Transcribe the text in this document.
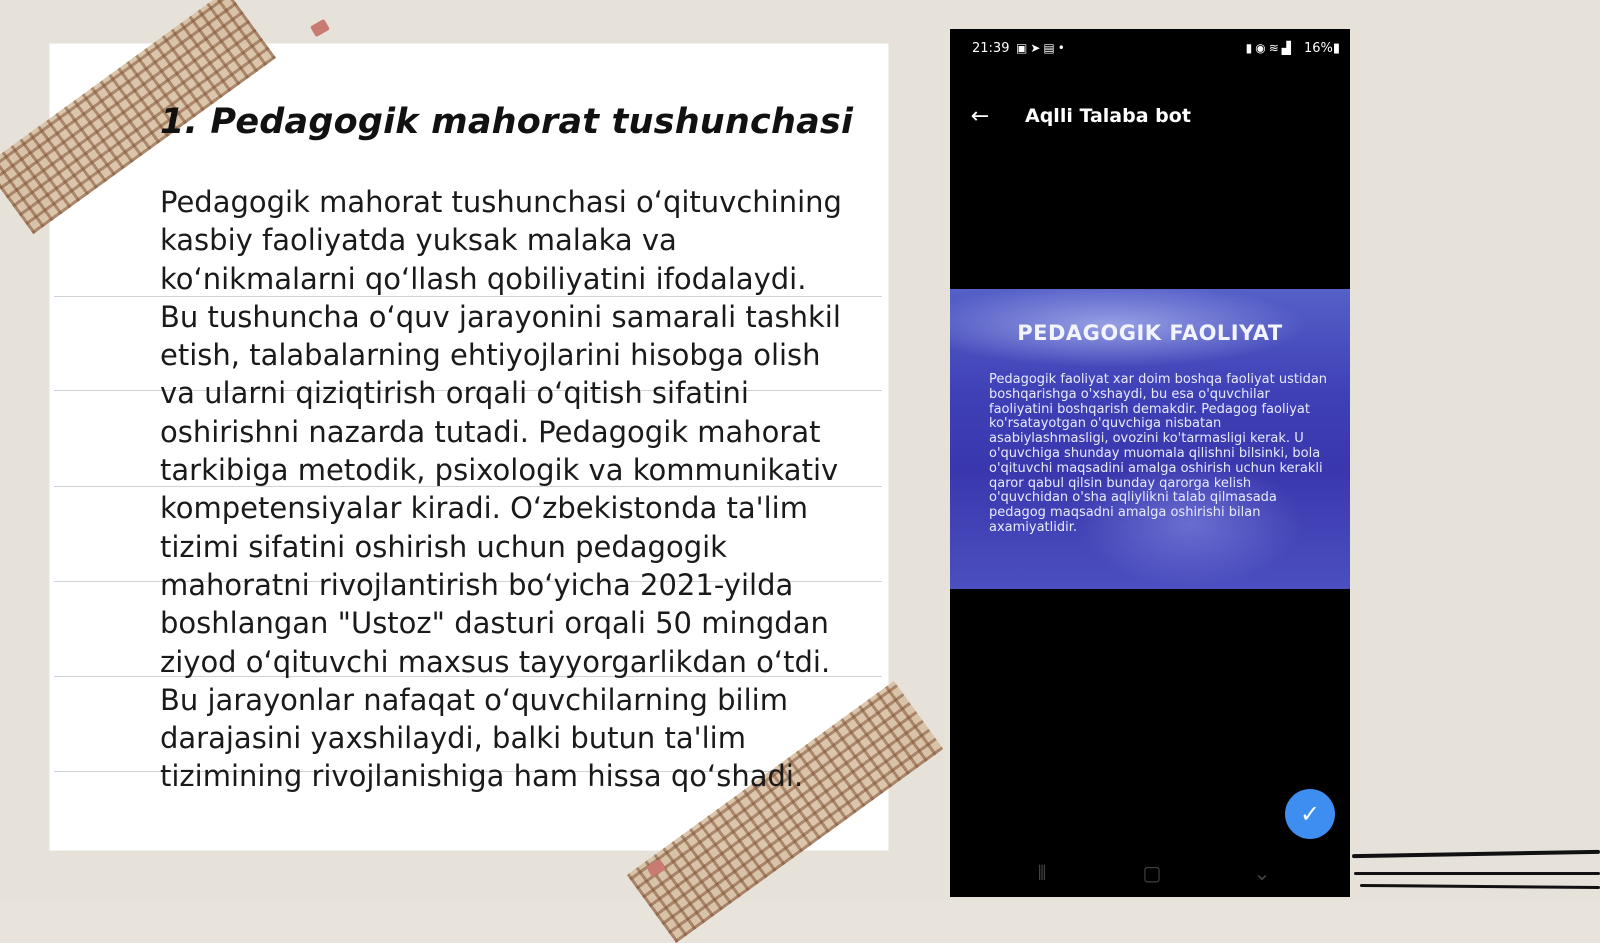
1. Pedagogik mahorat tushunchasi

Pedagogik mahorat tushunchasi o‘qituvchining kasbiy faoliyatda yuksak malaka va ko‘nikmalarni qo‘llash qobiliyatini ifodalaydi. Bu tushuncha o‘quv jarayonini samarali tashkil etish, talabalarning ehtiyojlarini hisobga olish va ularni qiziqtirish orqali o‘qitish sifatini oshirishni nazarda tutadi. Pedagogik mahorat tarkibiga metodik, psixologik va kommunikativ kompetensiyalar kiradi. O‘zbekistonda ta'lim tizimi sifatini oshirish uchun pedagogik mahoratni rivojlantirish bo‘yicha 2021-yilda boshlangan "Ustoz" dasturi orqali 50 mingdan ziyod o‘qituvchi maxsus tayyorgarlikdan o‘tdi. Bu jarayonlar nafaqat o‘quvchilarning bilim darajasini yaxshilaydi, balki butun ta'lim tizimining rivojlanishiga ham hissa qo‘shadi.

21:39 ▣➤▤•	▮◉≋▟ 16%▮
←	Aqlli Talaba bot
PEDAGOGIK FAOLIYAT

Pedagogik faoliyat xar doim boshqa faoliyat ustidan boshqarishga o'xshaydi, bu esa o'quvchilar faoliyatini boshqarish demakdir. Pedagog faoliyat ko'rsatayotgan o'quvchiga nisbatan asabiylashmasligi, ovozini ko'tarmasligi kerak. U o'quvchiga shunday muomala qilishni bilsinki, bola o'qituvchi maqsadini amalga oshirish uchun kerakli qaror qabul qilsin bunday qarorga kelish o'quvchidan o'sha aqliylikni talab qilmasada pedagog maqsadni amalga oshirishi bilan axamiyatlidir.

✓
⦀	▢	⌄
